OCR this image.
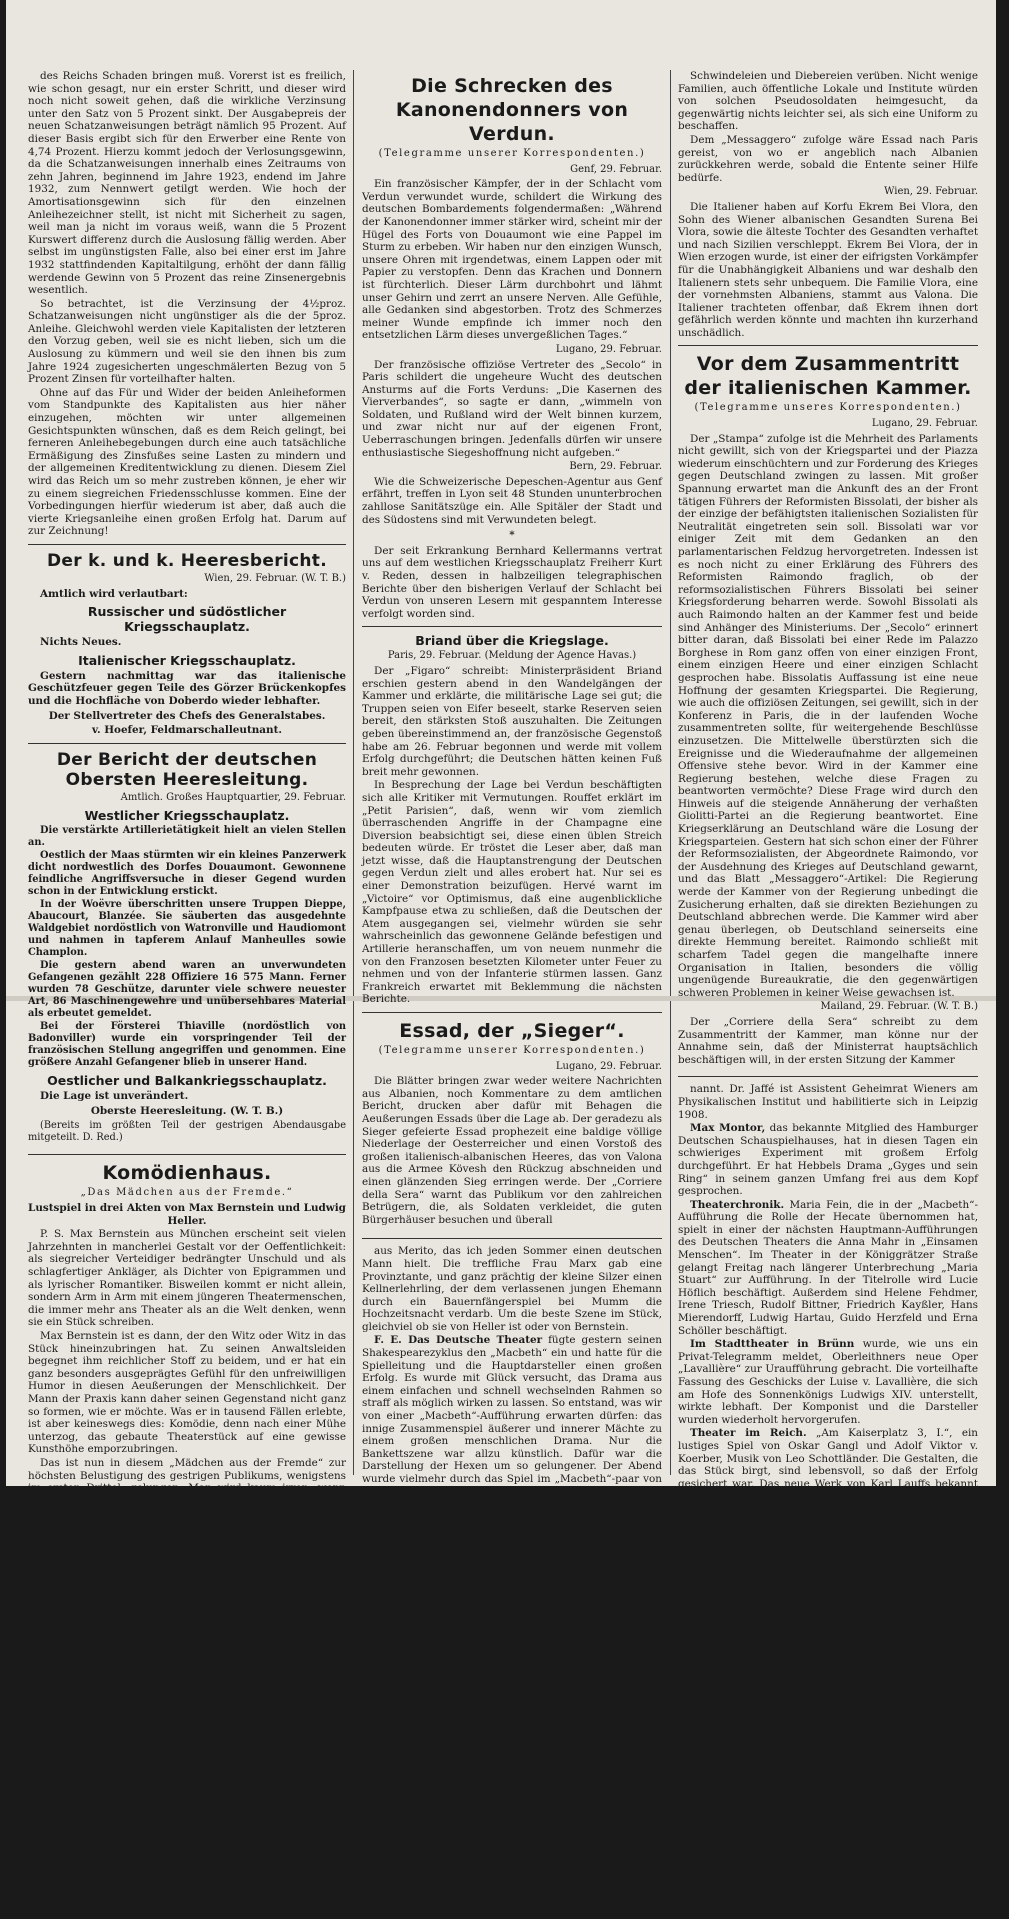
des Reichs Schaden bringen muß. Vorerst ist es freilich, wie schon gesagt, nur ein erster Schritt, und dieser wird noch nicht soweit gehen, daß die wirkliche Verzinsung unter den Satz von 5 Prozent sinkt. Der Ausgabepreis der neuen Schatzanweisungen beträgt nämlich 95 Prozent. Auf dieser Basis ergibt sich für den Erwerber eine Rente von 4,74 Prozent. Hierzu kommt jedoch der Verlosungsgewinn, da die Schatzanweisungen innerhalb eines Zeitraums von zehn Jahren, beginnend im Jahre 1923, endend im Jahre 1932, zum Nennwert getilgt werden. Wie hoch der Amortisationsgewinn sich für den einzelnen Anleihezeichner stellt, ist nicht mit Sicherheit zu sagen, weil man ja nicht im voraus weiß, wann die 5 Prozent Kurswert differenz durch die Auslosung fällig werden. Aber selbst im ungünstigsten Falle, also bei einer erst im Jahre 1932 stattfindenden Kapitaltilgung, erhöht der dann fällig werdende Gewinn von 5 Prozent das reine Zinsenergebnis wesentlich.

So betrachtet, ist die Verzinsung der 4½proz. Schatzanweisungen nicht ungünstiger als die der 5proz. Anleihe. Gleichwohl werden viele Kapitalisten der letzteren den Vorzug geben, weil sie es nicht lieben, sich um die Auslosung zu kümmern und weil sie den ihnen bis zum Jahre 1924 zugesicherten ungeschmälerten Bezug von 5 Prozent Zinsen für vorteilhafter halten.

Ohne auf das Für und Wider der beiden Anleiheformen vom Standpunkte des Kapitalisten aus hier näher einzugehen, möchten wir unter allgemeinen Gesichtspunkten wünschen, daß es dem Reich gelingt, bei ferneren Anleihebegebungen durch eine auch tatsächliche Ermäßigung des Zinsfußes seine Lasten zu mindern und der allgemeinen Kreditentwicklung zu dienen. Diesem Ziel wird das Reich um so mehr zustreben können, je eher wir zu einem siegreichen Friedensschlusse kommen. Eine der Vorbedingungen hierfür wiederum ist aber, daß auch die vierte Kriegsanleihe einen großen Erfolg hat. Darum auf zur Zeichnung!

Der k. und k. Heeresbericht.
Wien, 29. Februar. (W. T. B.)

Amtlich wird verlautbart:

Russischer und südöstlicher Kriegsschauplatz.

Nichts Neues.

Italienischer Kriegsschauplatz.

Gestern nachmittag war das italienische Geschützfeuer gegen Teile des Görzer Brückenkopfes und die Hochfläche von Doberdo wieder lebhafter.

Der Stellvertreter des Chefs des Generalstabes.
v. Hoefer, Feldmarschalleutnant.
Der Bericht der deutschen Obersten Heeresleitung.
Amtlich. Großes Hauptquartier, 29. Februar.
Westlicher Kriegsschauplatz.

Die verstärkte Artillerietätigkeit hielt an vielen Stellen an.

Oestlich der Maas stürmten wir ein kleines Panzerwerk dicht nordwestlich des Dorfes Douaumont. Gewonnene feindliche Angriffsversuche in dieser Gegend wurden schon in der Entwicklung erstickt.

In der Woëvre überschritten unsere Truppen Dieppe, Abaucourt, Blanzée. Sie säuberten das ausgedehnte Waldgebiet nordöstlich von Watronville und Haudiomont und nahmen in tapferem Anlauf Manheulles sowie Champlon.

Die gestern abend waren an unverwundeten Gefangenen gezählt 228 Offiziere 16 575 Mann. Ferner wurden 78 Geschütze, darunter viele schwere neuester Art, 86 Maschinengewehre und unübersehbares Material als erbeutet gemeldet.

Bei der Försterei Thiaville (nordöstlich von Badonviller) wurde ein vorspringender Teil der französischen Stellung angegriffen und genommen. Eine größere Anzahl Gefangener blieb in unserer Hand.

Oestlicher und Balkankriegsschauplatz.

Die Lage ist unverändert.

Oberste Heeresleitung. (W. T. B.)

(Bereits im größten Teil der gestrigen Abendausgabe mitgeteilt. D. Red.)

Komödienhaus.
„Das Mädchen aus der Fremde.“

Lustspiel in drei Akten von Max Bernstein und Ludwig Heller.

P. S. Max Bernstein aus München erscheint seit vielen Jahrzehnten in mancherlei Gestalt vor der Oeffentlichkeit: als siegreicher Verteidiger bedrängter Unschuld und als schlagfertiger Ankläger, als Dichter von Epigrammen und als lyrischer Romantiker. Bisweilen kommt er nicht allein, sondern Arm in Arm mit einem jüngeren Theatermenschen, die immer mehr ans Theater als an die Welt denken, wenn sie ein Stück schreiben.

Max Bernstein ist es dann, der den Witz oder Witz in das Stück hineinzubringen hat. Zu seinen Anwaltsleiden begegnet ihm reichlicher Stoff zu beidem, und er hat ein ganz besonders ausgeprägtes Gefühl für den unfreiwilligen Humor in diesen Aeußerungen der Menschlichkeit. Der Mann der Praxis kann daher seinen Gegenstand nicht ganz so formen, wie er möchte. Was er in tausend Fällen erlebte, ist aber keineswegs dies: Komödie, denn nach einer Mühe unterzog, das gebaute Theaterstück auf eine gewisse Kunsthöhe emporzubringen.

Das ist nun in diesem „Mädchen aus der Fremde“ zur höchsten Belustigung des gestrigen Publikums, wenigstens im ersten Drittel, gelungen. Man wird kaum irren, wenn man sagt: die Idee des Stückes, ist vom Schauspieler Heller, die Ideen sind teils vom Epigrammatiker, teils vom Rechtsgelehrten Bernstein. Es gelang ihm stellenweise ganz köstliche Dinge zu erfinden, und die Art, wie er einen Familienkreis mit bunten Gestalten füllte, ist durchaus dankenswert. Nur kommt all dies nicht recht zusammen.

Mit der Idee des Stückes dürfte Bernstein nicht viel zu tun haben. Heller allerdings auch nicht. Sie stammt aus der Rumpelkammer: aus der Hochzeitsreise begegnet jemand einer Frau und zwar einer sehr vornehmen, und das gibt eine kleine Wirrnis, die, etwas „gestreckt“, so ziemlich bis gegen Ende hin reichte.

Applaudiert wurde recht lebhaft: erster Akt sehr nett, zweiter Akt nett, dritter Akt ganz nett. Nach jedem Akt hatte das Publikum den anwesenden Max Bernstein noch immer für den Anfang.

Den Mann in zwei Weiberröcken gab Herr Eugen Burg als ein Bild, der den Bellmaus spielt. Fräulein Glaeßner gab mit schwungvollem Uebermut und verhaltener Kabarettkunst das Mädchen

Die Schrecken des Kanonendonners von Verdun.
(Telegramme unserer Korrespondenten.)
Genf, 29. Februar.

Ein französischer Kämpfer, der in der Schlacht vom Verdun verwundet wurde, schildert die Wirkung des deutschen Bombardements folgendermaßen: „Während der Kanonendonner immer stärker wird, scheint mir der Hügel des Forts von Douaumont wie eine Pappel im Sturm zu erbeben. Wir haben nur den einzigen Wunsch, unsere Ohren mit irgendetwas, einem Lappen oder mit Papier zu verstopfen. Denn das Krachen und Donnern ist fürchterlich. Dieser Lärm durchbohrt und lähmt unser Gehirn und zerrt an unsere Nerven. Alle Gefühle, alle Gedanken sind abgestorben. Trotz des Schmerzes meiner Wunde empfinde ich immer noch den entsetzlichen Lärm dieses unvergeßlichen Tages.“

Lugano, 29. Februar.

Der französische offiziöse Vertreter des „Secolo“ in Paris schildert die ungeheure Wucht des deutschen Ansturms auf die Forts Verduns: „Die Kasernen des Vierverbandes“, so sagte er dann, „wimmeln von Soldaten, und Rußland wird der Welt binnen kurzem, und zwar nicht nur auf der eigenen Front, Ueberraschungen bringen. Jedenfalls dürfen wir unsere enthusiastische Siegeshoffnung nicht aufgeben.“

Bern, 29. Februar.

Wie die Schweizerische Depeschen-Agentur aus Genf erfährt, treffen in Lyon seit 48 Stunden ununterbrochen zahllose Sanitätszüge ein. Alle Spitäler der Stadt und des Südostens sind mit Verwundeten belegt.

*

Der seit Erkrankung Bernhard Kellermanns vertrat uns auf dem westlichen Kriegsschauplatz Freiherr Kurt v. Reden, dessen in halbzeiligen telegraphischen Berichte über den bisherigen Verlauf der Schlacht bei Verdun von unseren Lesern mit gespanntem Interesse verfolgt worden sind.

Briand über die Kriegslage.
Paris, 29. Februar. (Meldung der Agence Havas.)

Der „Figaro“ schreibt: Ministerpräsident Briand erschien gestern abend in den Wandelgängen der Kammer und erklärte, die militärische Lage sei gut; die Truppen seien von Eifer beseelt, starke Reserven seien bereit, den stärksten Stoß auszuhalten. Die Zeitungen geben übereinstimmend an, der französische Gegenstoß habe am 26. Februar begonnen und werde mit vollem Erfolg durchgeführt; die Deutschen hätten keinen Fuß breit mehr gewonnen.

In Besprechung der Lage bei Verdun beschäftigten sich alle Kritiker mit Vermutungen. Rouffet erklärt im „Petit Parisien“, daß, wenn wir vom ziemlich überraschenden Angriffe in der Champagne eine Diversion beabsichtigt sei, diese einen üblen Streich bedeuten würde. Er tröstet die Leser aber, daß man jetzt wisse, daß die Hauptanstrengung der Deutschen gegen Verdun zielt und alles erobert hat. Nur sei es einer Demonstration beizufügen. Hervé warnt im „Victoire“ vor Optimismus, daß eine augenblickliche Kampfpause etwa zu schließen, daß die Deutschen der Atem ausgegangen sei, vielmehr würden sie sehr wahrscheinlich das gewonnene Gelände befestigen und Artillerie heranschaffen, um von neuem nunmehr die von den Franzosen besetzten Kilometer unter Feuer zu nehmen und von der Infanterie stürmen lassen. Ganz Frankreich erwartet mit Beklemmung die nächsten Berichte.

Essad, der „Sieger“.
(Telegramme unserer Korrespondenten.)
Lugano, 29. Februar.

Die Blätter bringen zwar weder weitere Nachrichten aus Albanien, noch Kommentare zu dem amtlichen Bericht, drucken aber dafür mit Behagen die Aeußerungen Essads über die Lage ab. Der geradezu als Sieger gefeierte Essad prophezeit eine baldige völlige Niederlage der Oesterreicher und einen Vorstoß des großen italienisch-albanischen Heeres, das von Valona aus die Armee Kövesh den Rückzug abschneiden und einen glänzenden Sieg erringen werde. Der „Corriere della Sera“ warnt das Publikum vor den zahlreichen Betrügern, die, als Soldaten verkleidet, die guten Bürgerhäuser besuchen und überall

aus Merito, das ich jeden Sommer einen deutschen Mann hielt. Die treffliche Frau Marx gab eine Provinztante, und ganz prächtig der kleine Silzer einen Kellnerlehrling, der dem verlassenen jungen Ehemann durch ein Bauernfängerspiel bei Mumm die Hochzeitsnacht verdarb. Um die beste Szene im Stück, gleichviel ob sie von Heller ist oder von Bernstein.

F. E. Das Deutsche Theater fügte gestern seinen Shakespearezyklus den „Macbeth“ ein und hatte für die Spielleitung und die Hauptdarsteller einen großen Erfolg. Es wurde mit Glück versucht, das Drama aus einem einfachen und schnell wechselnden Rahmen so straff als möglich wirken zu lassen. So entstand, was wir von einer „Macbeth“-Aufführung erwarten dürfen: das innige Zusammenspiel äußerer und innerer Mächte zu einem großen menschlichen Drama. Nur die Bankettszene war allzu künstlich. Dafür war die Darstellung der Hexen um so gelungener. Der Abend wurde vielmehr durch das Spiel im „Macbeth“-paar von Paul Wegener und Hermine Körner getragen. Sie nahmen die harten Dinge im wesentlichen von der geistigen Seite und waren zusammenbrechend stärker als wahrhaft. Der Beifall war herzlich.

Generalintendant Graf v. Hülsen-Haeseler und Professor Reinhardt. Uns wird folgende Erklärung zugesandt: „Generalintendant Graf v. Hülsen-Haeseler hat nach seiner heute erfolgten Rückkehr gegen Professor Reinhardt den gerichtlichen Strafantrag gestellt, die in seiner Erklärung vom 28. Februar gegen ihn gerichteten Beleidigungen gestellt. Dagegen beabsichtigt er, die erforderlichen gerichtlichen Schritte einzuleiten.“

Von einer Richtigstellung der unzutreffenden tatsächlichen Angaben des Professors Reinhardt nimmt Graf v. Hülsen-Haeseler der schwebenden Angelegenheit wegen Abstand.

Geheimrat Professor Dr. Penck wurde, wie uns ein Privat-Telegramm meldet, zusammen mit Geheimrat Ranke-München von der kaiserlich Leopoldinisch-Karolinischen Deutschen Akademie der Naturforscher zu Halle zu ordentlichen Mitgliedern in den Fachsektion für Anthropologie, Ethnologie und Geographie, Geheimrat Fürbringer-Heidelberg zum Vorstandsmitglied der Fachsektion für Zoologie und Anatomie wiedergewählt. Geheimrat Pfeffer-Leipzig wurde zum Vorstandsmitglied der Fachsektion für Botanik und Geheimrat Spengel-Gießen zum Adjunkten für Hessen, Rheinpfalz, Nassau und Frankfurt am Main gewählt.

Wissenschaftliche Nachrichten.	Zum außerordentlichen Professor an der Universität Leipzig wurde der hiesige Privatdozent für Physik daselbst, Dr. phil. Georg Jaffé, ein

Schwindeleien und Diebereien verüben. Nicht wenige Familien, auch öffentliche Lokale und Institute würden von solchen Pseudosoldaten heimgesucht, da gegenwärtig nichts leichter sei, als sich eine Uniform zu beschaffen.

Dem „Messaggero“ zufolge wäre Essad nach Paris gereist, von wo er angeblich nach Albanien zurückkehren werde, sobald die Entente seiner Hilfe bedürfe.

Wien, 29. Februar.

Die Italiener haben auf Korfu Ekrem Bei Vlora, den Sohn des Wiener albanischen Gesandten Surena Bei Vlora, sowie die älteste Tochter des Gesandten verhaftet und nach Sizilien verschleppt. Ekrem Bei Vlora, der in Wien erzogen wurde, ist einer der eifrigsten Vorkämpfer für die Unabhängigkeit Albaniens und war deshalb den Italienern stets sehr unbequem. Die Familie Vlora, eine der vornehmsten Albaniens, stammt aus Valona. Die Italiener trachteten offenbar, daß Ekrem ihnen dort gefährlich werden könnte und machten ihn kurzerhand unschädlich.

Vor dem Zusammentritt der italienischen Kammer.
(Telegramme unseres Korrespondenten.)
Lugano, 29. Februar.

Der „Stampa“ zufolge ist die Mehrheit des Parlaments nicht gewillt, sich von der Kriegspartei und der Piazza wiederum einschüchtern und zur Forderung des Krieges gegen Deutschland zwingen zu lassen. Mit großer Spannung erwartet man die Ankunft des an der Front tätigen Führers der Reformisten Bissolati, der bisher als der einzige der befähigtsten italienischen Sozialisten für Neutralität eingetreten sein soll. Bissolati war vor einiger Zeit mit dem Gedanken an den parlamentarischen Feldzug hervorgetreten. Indessen ist es noch nicht zu einer Erklärung des Führers des Reformisten Raimondo fraglich, ob der reformsozialistischen Führers Bissolati bei seiner Kriegsforderung beharren werde. Sowohl Bissolati als auch Raimondo halten an der Kammer fest und beide sind Anhänger des Ministeriums. Der „Secolo“ erinnert bitter daran, daß Bissolati bei einer Rede im Palazzo Borghese in Rom ganz offen von einer einzigen Front, einem einzigen Heere und einer einzigen Schlacht gesprochen habe. Bissolatis Auffassung ist eine neue Hoffnung der gesamten Kriegspartei. Die Regierung, wie auch die offiziösen Zeitungen, sei gewillt, sich in der Konferenz in Paris, die in der laufenden Woche zusammentreten sollte, für weitergehende Beschlüsse einzusetzen. Die Mittelwelle überstürzten sich die Ereignisse und die Wiederaufnahme der allgemeinen Offensive stehe bevor. Wird in der Kammer eine Regierung bestehen, welche diese Fragen zu beantworten vermöchte? Diese Frage wird durch den Hinweis auf die steigende Annäherung der verhaßten Giolitti-Partei an die Regierung beantwortet. Eine Kriegserklärung an Deutschland wäre die Losung der Kriegsparteien. Gestern hat sich schon einer der Führer der Reformsozialisten, der Abgeordnete Raimondo, vor der Ausdehnung des Krieges auf Deutschland gewarnt, und das Blatt „Messaggero“-Artikel: Die Regierung werde der Kammer von der Regierung unbedingt die Zusicherung erhalten, daß sie direkten Beziehungen zu Deutschland abbrechen werde. Die Kammer wird aber genau überlegen, ob Deutschland seinerseits eine direkte Hemmung bereitet. Raimondo schließt mit scharfem Tadel gegen die mangelhafte innere Organisation in Italien, besonders die völlig ungenügende Bureaukratie, die den gegenwärtigen schweren Problemen in keiner Weise gewachsen ist.

Mailand, 29. Februar. (W. T. B.)

Der „Corriere della Sera“ schreibt zu dem Zusammentritt der Kammer, man könne nur der Annahme sein, daß der Ministerrat hauptsächlich beschäftigen will, in der ersten Sitzung der Kammer

nannt. Dr. Jaffé ist Assistent Geheimrat Wieners am Physikalischen Institut und habilitierte sich in Leipzig 1908.

Max Montor, das bekannte Mitglied des Hamburger Deutschen Schauspielhauses, hat in diesen Tagen ein schwieriges Experiment mit großem Erfolg durchgeführt. Er hat Hebbels Drama „Gyges und sein Ring“ in seinem ganzen Umfang frei aus dem Kopf gesprochen.

Theaterchronik. Maria Fein, die in der „Macbeth“-Aufführung die Rolle der Hecate übernommen hat, spielt in einer der nächsten Hauptmann-Aufführungen des Deutschen Theaters die Anna Mahr in „Einsamen Menschen“. Im Theater in der Königgrätzer Straße gelangt Freitag nach längerer Unterbrechung „Maria Stuart“ zur Aufführung. In der Titelrolle wird Lucie Höflich beschäftigt. Außerdem sind Helene Fehdmer, Irene Triesch, Rudolf Bittner, Friedrich Kayßler, Hans Mierendorff, Ludwig Hartau, Guido Herzfeld und Erna Schöller beschäftigt.

Im Stadttheater in Brünn wurde, wie uns ein Privat-Telegramm meldet, Oberleithners neue Oper „Lavallière“ zur Uraufführung gebracht. Die vorteilhafte Fassung des Geschicks der Luise v. Lavallière, die sich am Hofe des Sonnenkönigs Ludwigs XIV. unterstellt, wirkte lebhaft. Der Komponist und die Darsteller wurden wiederholt hervorgerufen.

Theater im Reich. „Am Kaiserplatz 3, I.“, ein lustiges Spiel von Oskar Gangl und Adolf Viktor v. Koerber, Musik von Leo Schottländer. Die Gestalten, die das Stück birgt, sind lebensvoll, so daß der Erfolg gesichert war. Das neue Werk von Karl Lauffs bekannt sind, erschienen auf der Bühne wieder. Von unserem Korrespondenten aus Stettin: Die Premiere des Stückes wurde wiederholt gerufen. — „Pipinder Kleine“, der dreiaktige musikalische Schwank von Arnor Landsberger und Ferry Sikla, Musik von Hugo Hirsch, gelangt am 1. März in Breslau zur Uraufführung. Die Titelrolle spielt Jutta v. Nemeth. — „Die Zinkanne“ ist der Titel einer neuen Komödie von Dr. Martin Zickel, die der Verfasser der Komödien „Schneider Wibbel“ und „Landmacht“, Hans Müller, unter dem Titel „Macdouls“, das türkische Schauspiel von Marya Hobe, geht am 2. März auf besondere Einladung des Fürsten am Hoftheater in Gera zu wohltätigen Zwecken in Szene. Die Uraufführung erfolgt in der Berliner Besetzung mit
